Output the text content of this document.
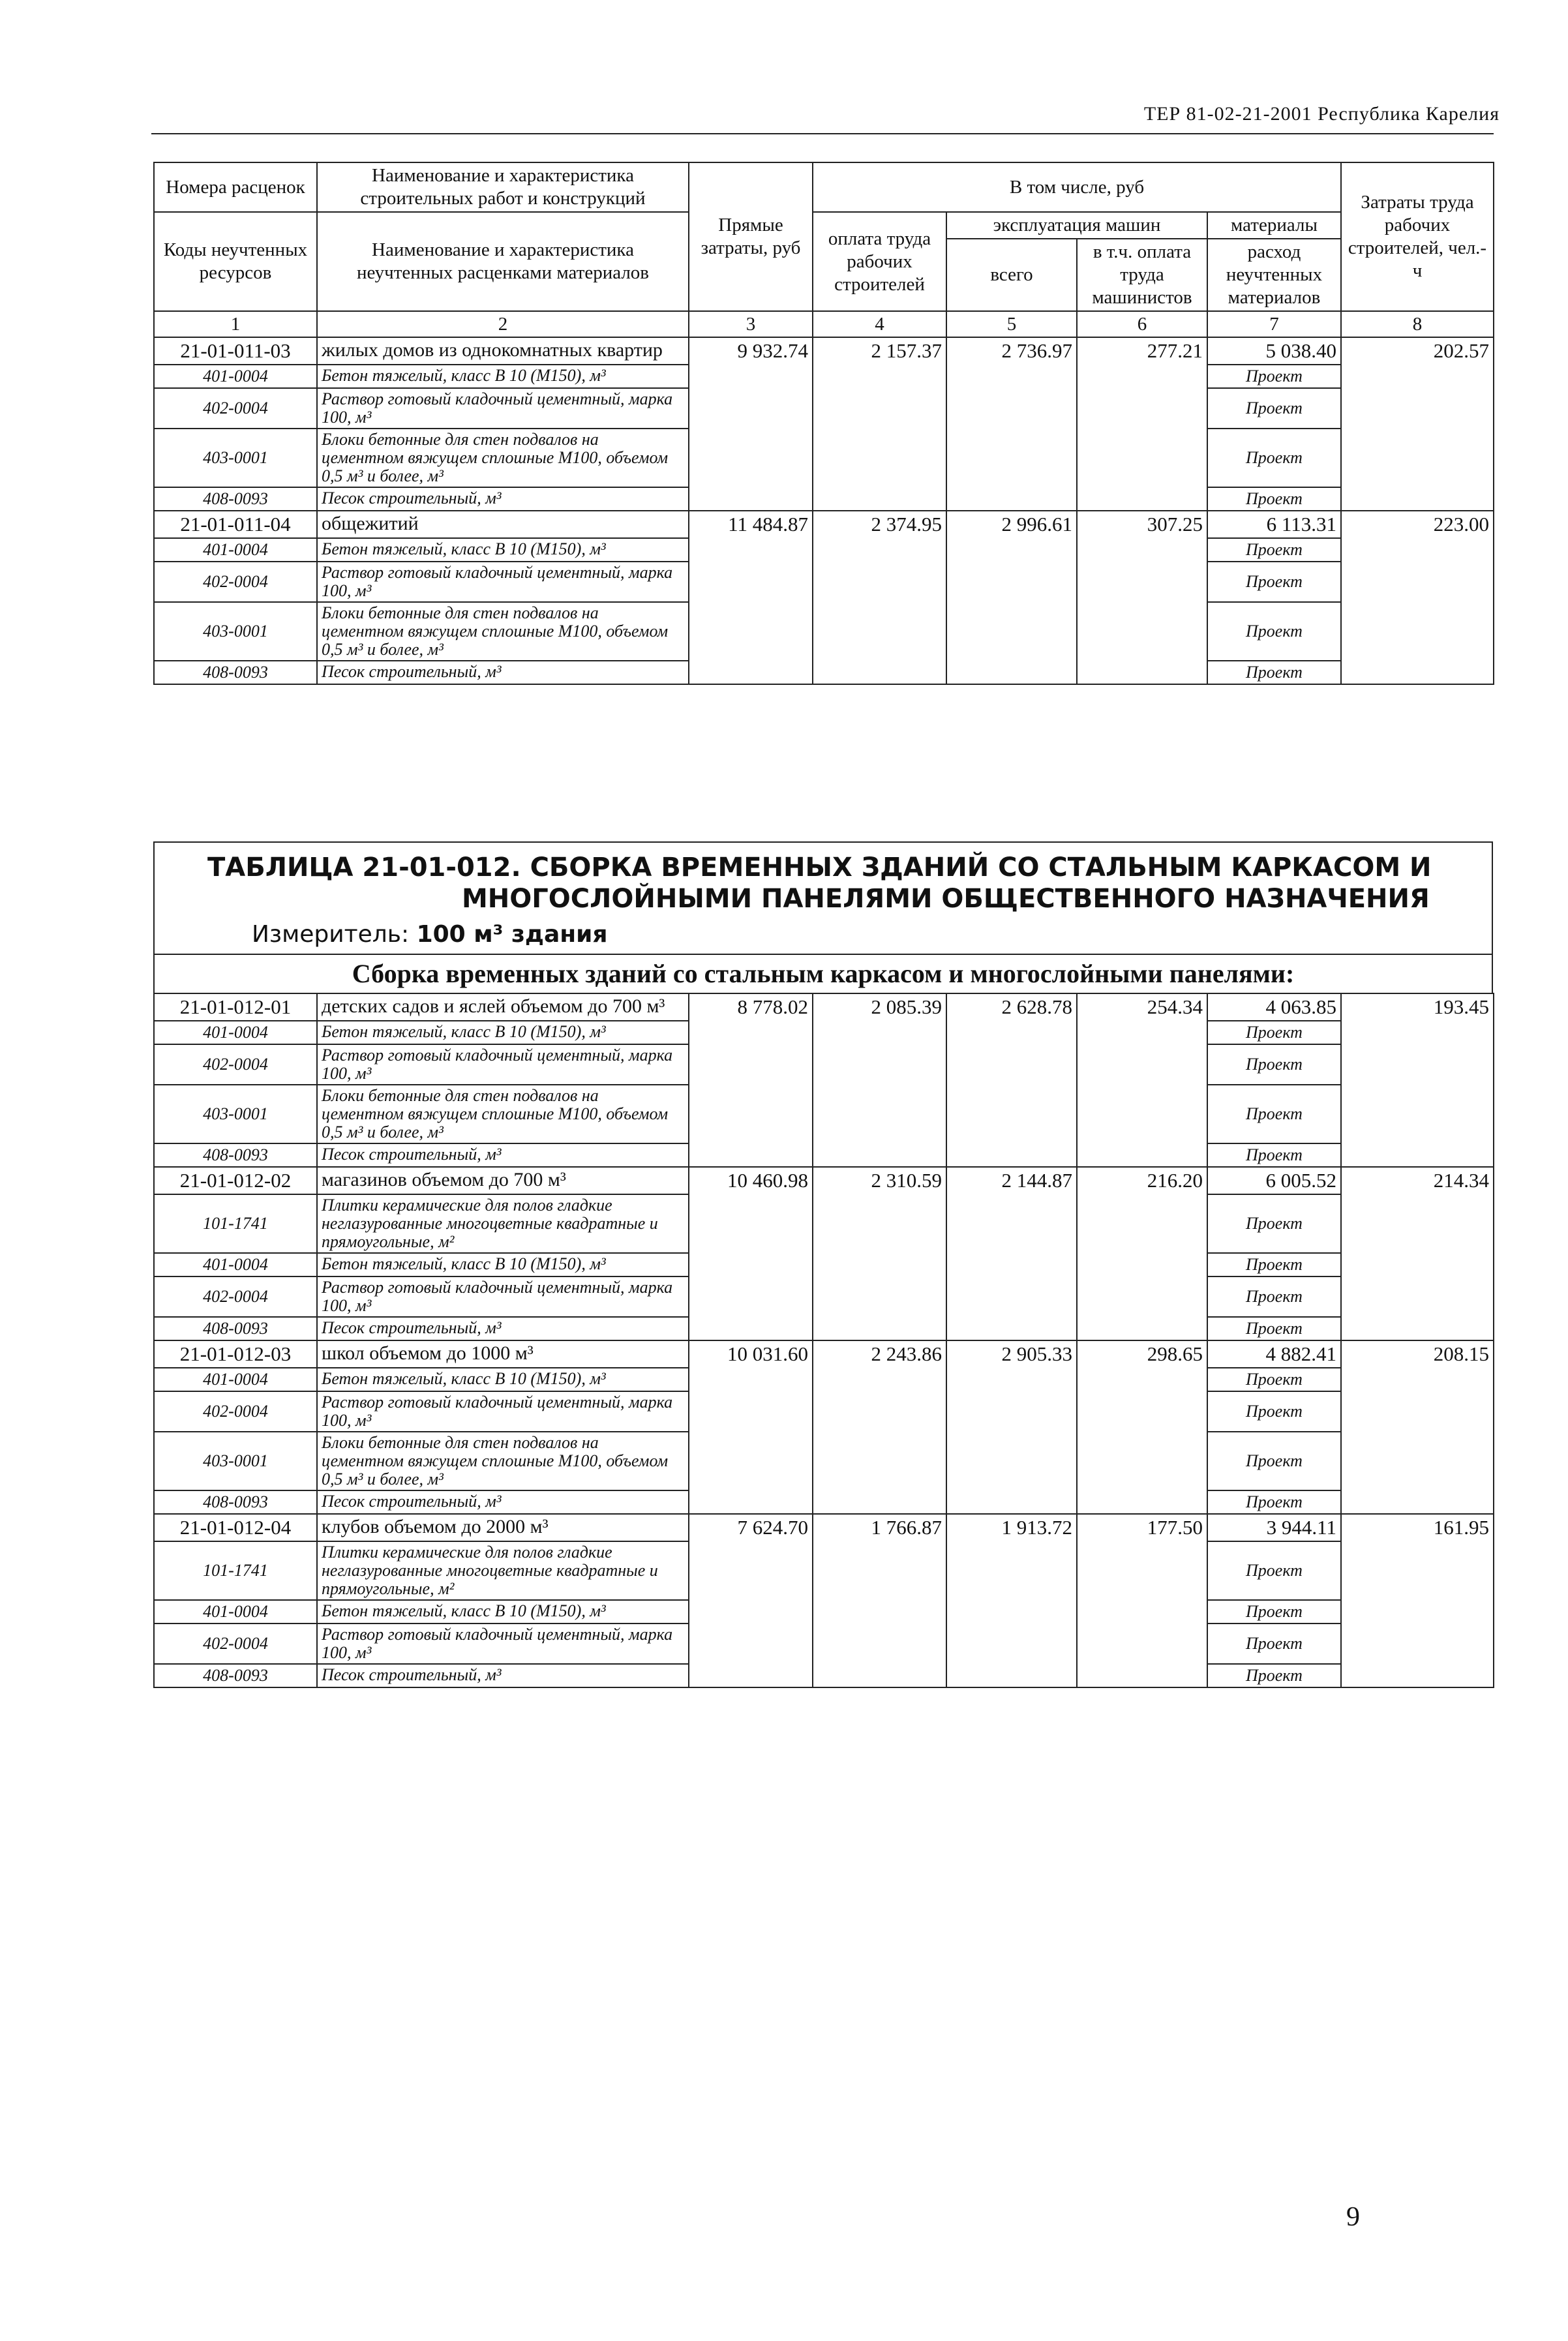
ТЕР 81-02-21-2001 Республика Карелия
Номера расценок	Наименование и характеристика строительных работ и конструкций	Прямые затраты, руб	В том числе, руб				Затраты труда рабочих строителей, чел.-ч
Коды неучтенных ресурсов	Наименование и характеристика неучтенных расценками материалов		оплата труда рабочих строителей	эксплуатация машин		материалы	
				всего	в т.ч. оплата труда машинистов	расход неучтенных материалов	
1	2	3	4	5	6	7	8
21-01-011-03	жилых домов из однокомнатных квартир	9 932.74	2 157.37	2 736.97	277.21	5 038.40	202.57
401-0004	Бетон тяжелый, класс В 10 (М150), м³					Проект	
402-0004	Раствор готовый кладочный цементный, марка 100, м³					Проект	
403-0001	Блоки бетонные для стен подвалов на цементном вяжущем сплошные М100, объемом 0,5 м³ и более, м³					Проект	
408-0093	Песок строительный, м³					Проект	
21-01-011-04	общежитий	11 484.87	2 374.95	2 996.61	307.25	6 113.31	223.00
401-0004	Бетон тяжелый, класс В 10 (М150), м³					Проект	
402-0004	Раствор готовый кладочный цементный, марка 100, м³					Проект	
403-0001	Блоки бетонные для стен подвалов на цементном вяжущем сплошные М100, объемом 0,5 м³ и более, м³					Проект	
408-0093	Песок строительный, м³					Проект	
ТАБЛИЦА 21-01-012. СБОРКА ВРЕМЕННЫХ ЗДАНИЙ СО СТАЛЬНЫМ КАРКАСОМ И
МНОГОСЛОЙНЫМИ ПАНЕЛЯМИ ОБЩЕСТВЕННОГО НАЗНАЧЕНИЯ
Измеритель: 100 м³ здания
Сборка временных зданий со стальным каркасом и многослойными панелями:
21-01-012-01	детских садов и яслей объемом до 700 м³	8 778.02	2 085.39	2 628.78	254.34	4 063.85	193.45
401-0004	Бетон тяжелый, класс В 10 (М150), м³					Проект	
402-0004	Раствор готовый кладочный цементный, марка 100, м³					Проект	
403-0001	Блоки бетонные для стен подвалов на цементном вяжущем сплошные М100, объемом 0,5 м³ и более, м³					Проект	
408-0093	Песок строительный, м³					Проект	
21-01-012-02	магазинов объемом до 700 м³	10 460.98	2 310.59	2 144.87	216.20	6 005.52	214.34
101-1741	Плитки керамические для полов гладкие неглазурованные многоцветные квадратные и прямоугольные, м²					Проект	
401-0004	Бетон тяжелый, класс В 10 (М150), м³					Проект	
402-0004	Раствор готовый кладочный цементный, марка 100, м³					Проект	
408-0093	Песок строительный, м³					Проект	
21-01-012-03	школ объемом до 1000 м³	10 031.60	2 243.86	2 905.33	298.65	4 882.41	208.15
401-0004	Бетон тяжелый, класс В 10 (М150), м³					Проект	
402-0004	Раствор готовый кладочный цементный, марка 100, м³					Проект	
403-0001	Блоки бетонные для стен подвалов на цементном вяжущем сплошные М100, объемом 0,5 м³ и более, м³					Проект	
408-0093	Песок строительный, м³					Проект	
21-01-012-04	клубов объемом до 2000 м³	7 624.70	1 766.87	1 913.72	177.50	3 944.11	161.95
101-1741	Плитки керамические для полов гладкие неглазурованные многоцветные квадратные и прямоугольные, м²					Проект	
401-0004	Бетон тяжелый, класс В 10 (М150), м³					Проект	
402-0004	Раствор готовый кладочный цементный, марка 100, м³					Проект	
408-0093	Песок строительный, м³					Проект	
9
